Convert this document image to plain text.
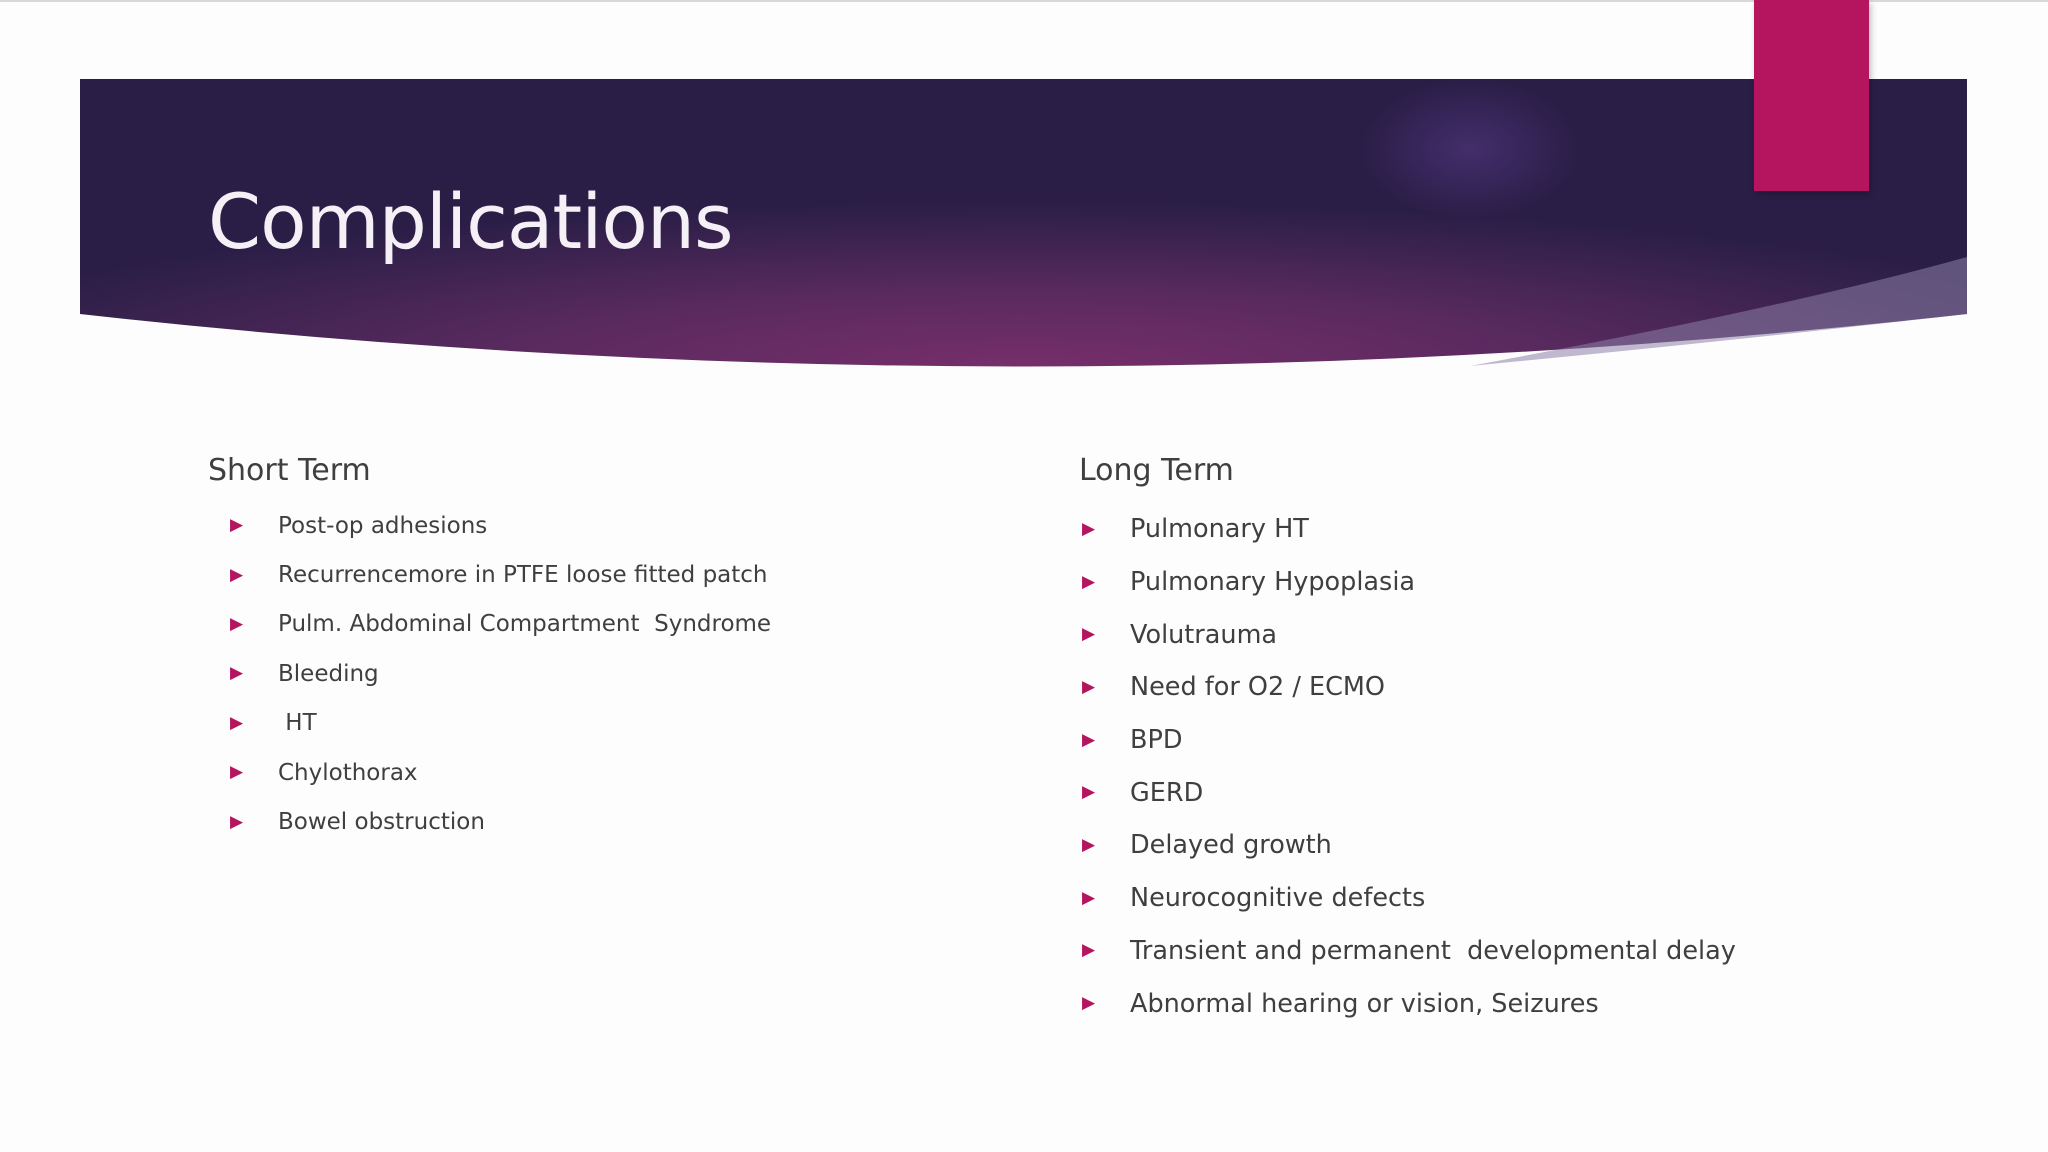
Complications
Short Term
▶	Post-op adhesions
▶	Recurrencemore in PTFE loose fitted patch
▶	Pulm. Abdominal Compartment  Syndrome
▶	Bleeding
▶	HT
▶	Chylothorax
▶	Bowel obstruction
Long Term
▶	Pulmonary HT
▶	Pulmonary Hypoplasia
▶	Volutrauma
▶	Need for O2 / ECMO
▶	BPD
▶	GERD
▶	Delayed growth
▶	Neurocognitive defects
▶	Transient and permanent  developmental delay
▶	Abnormal hearing or vision, Seizures
